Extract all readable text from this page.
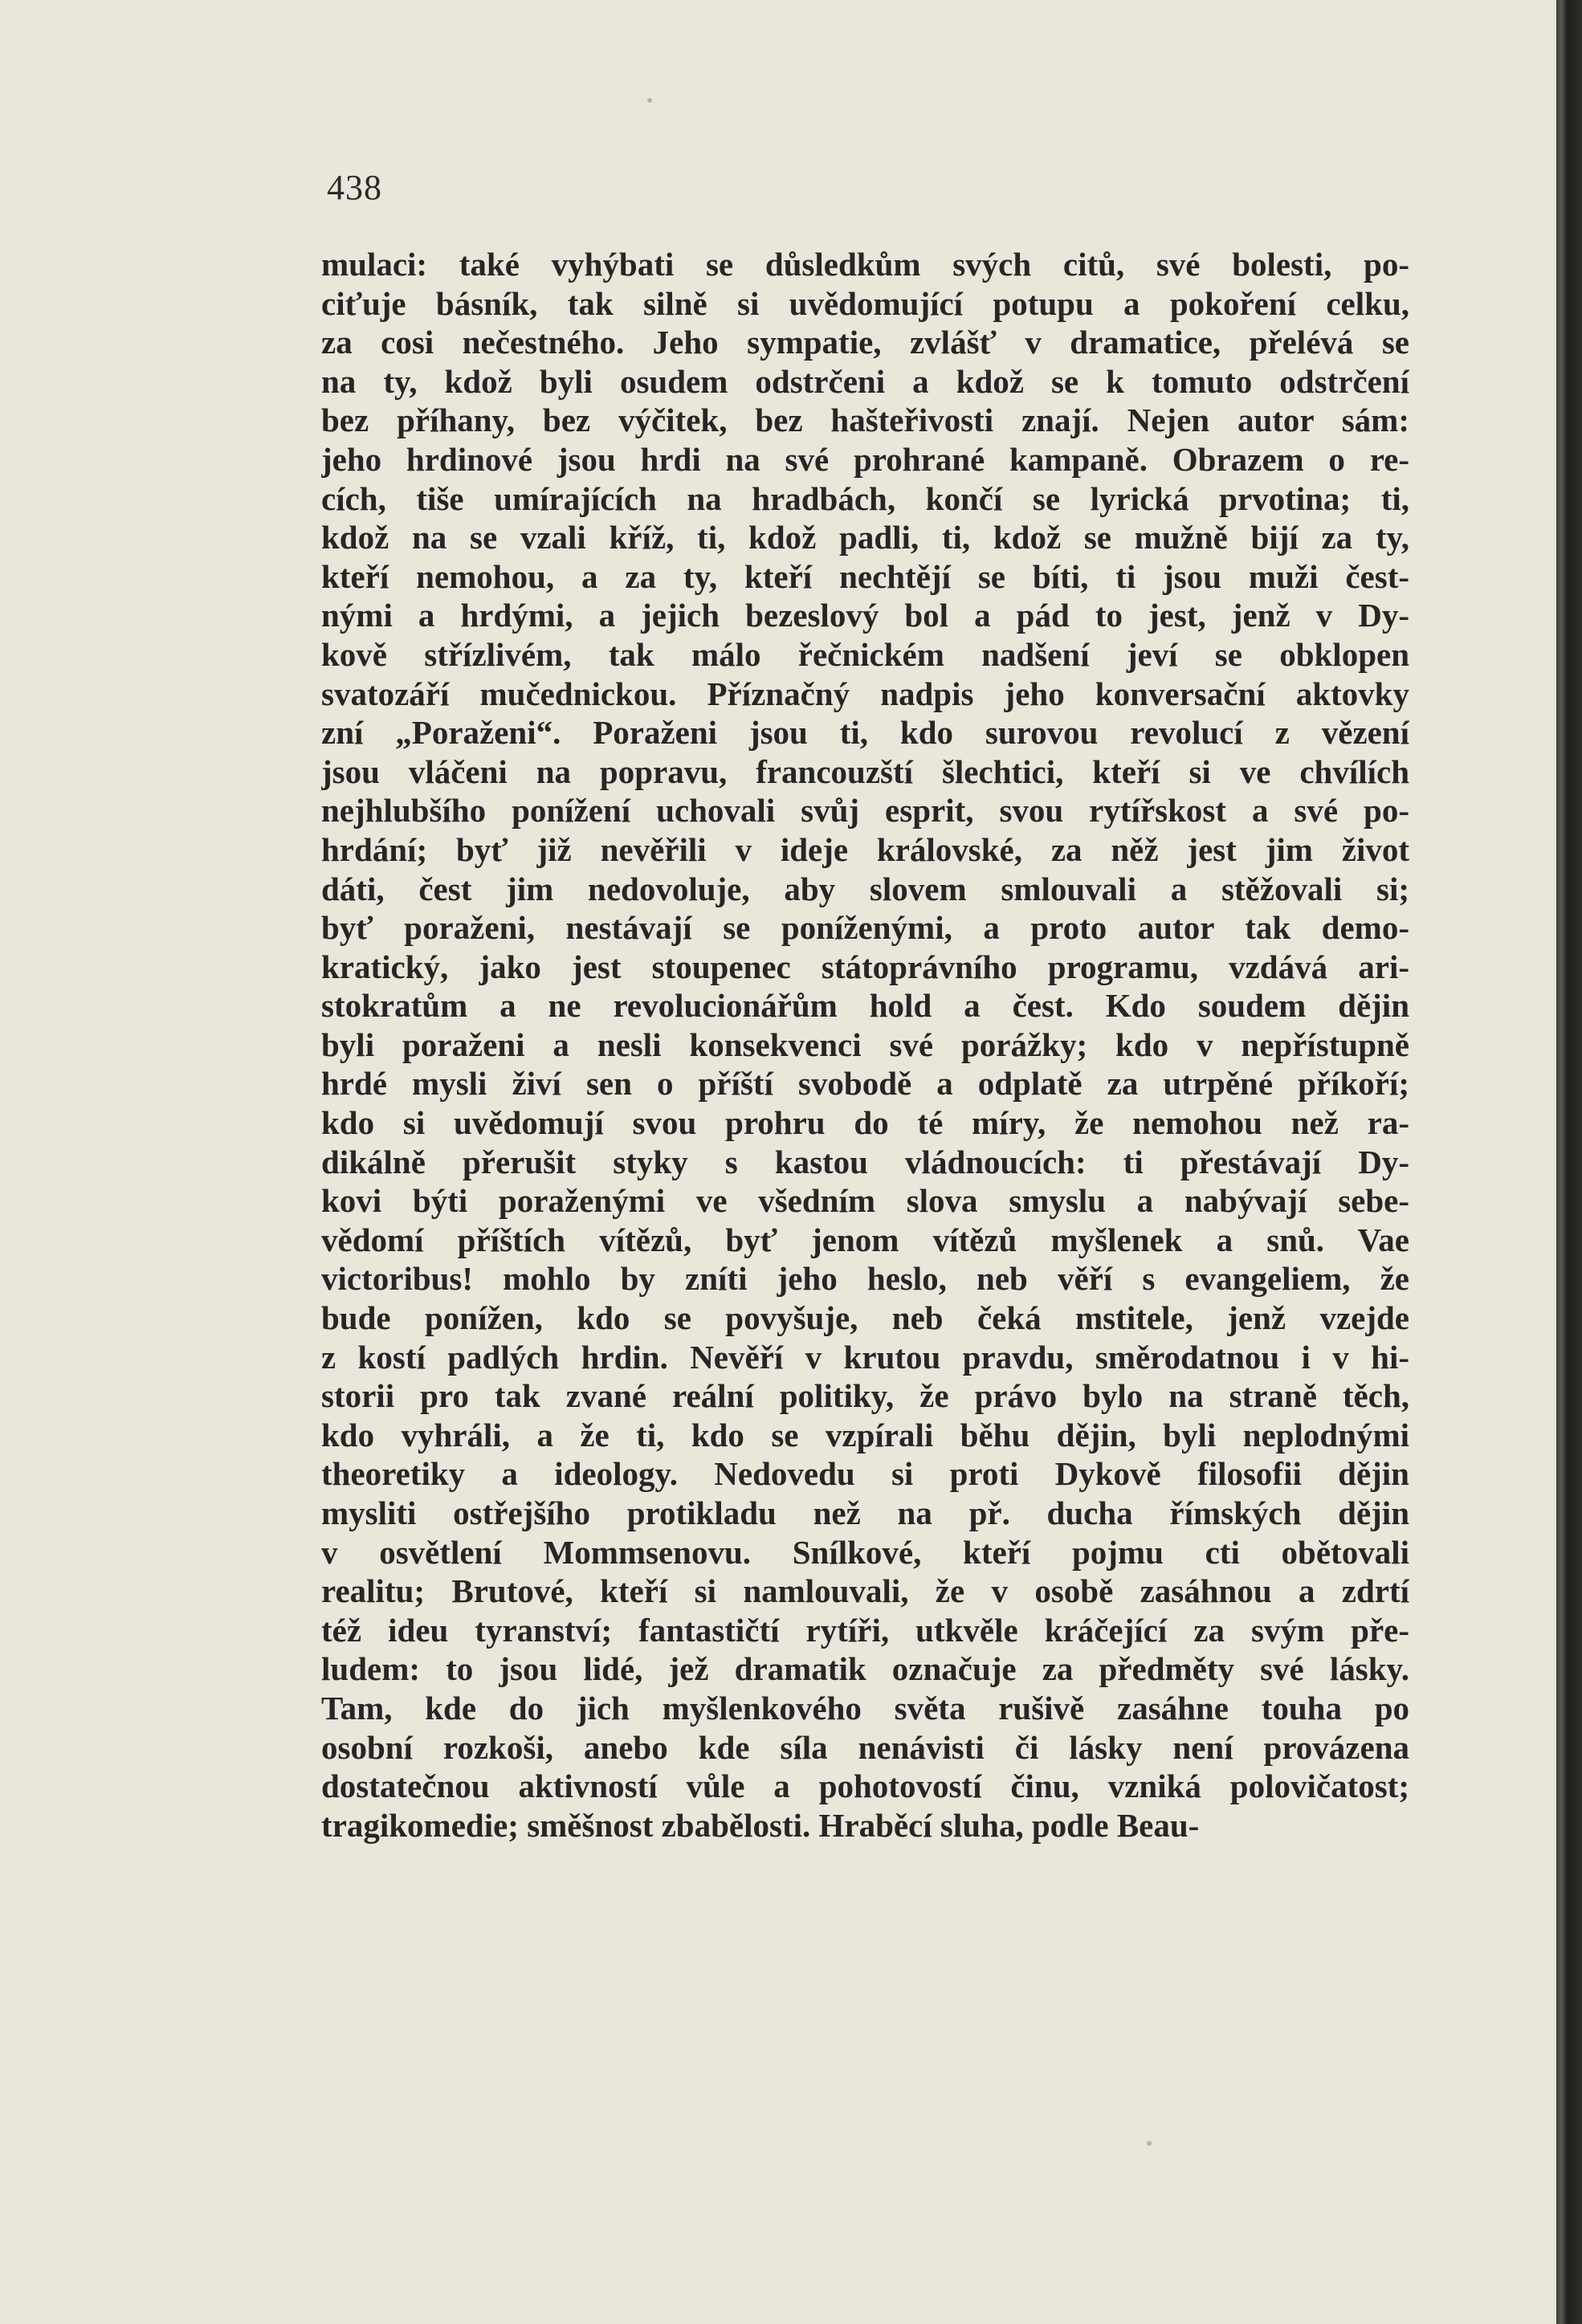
438
mulaci: také vyhýbati se důsledkům svých citů, své bolesti, po-
ciťuje básník, tak silně si uvědomující potupu a pokoření celku,
za cosi nečestného. Jeho sympatie, zvlášť v dramatice, přelévá se
na ty, kdož byli osudem odstrčeni a kdož se k tomuto odstrčení
bez příhany, bez výčitek, bez hašteřivosti znají. Nejen autor sám:
jeho hrdinové jsou hrdi na své prohrané kampaně. Obrazem o re-
cích, tiše umírajících na hradbách, končí se lyrická prvotina; ti,
kdož na se vzali kříž, ti, kdož padli, ti, kdož se mužně bijí za ty,
kteří nemohou, a za ty, kteří nechtějí se bíti, ti jsou muži čest-
nými a hrdými, a jejich bezeslový bol a pád to jest, jenž v Dy-
kově střízlivém, tak málo řečnickém nadšení jeví se obklopen
svatozáří mučednickou. Příznačný nadpis jeho konversační aktovky
zní „Poraženi“. Poraženi jsou ti, kdo surovou revolucí z vězení
jsou vláčeni na popravu, francouzští šlechtici, kteří si ve chvílích
nejhlubšího ponížení uchovali svůj esprit, svou rytířskost a své po-
hrdání; byť již nevěřili v ideje královské, za něž jest jim život
dáti, čest jim nedovoluje, aby slovem smlouvali a stěžovali si;
byť poraženi, nestávají se poníženými, a proto autor tak demo-
kratický, jako jest stoupenec státoprávního programu, vzdává ari-
stokratům a ne revolucionářům hold a čest. Kdo soudem dějin
byli poraženi a nesli konsekvenci své porážky; kdo v nepřístupně
hrdé mysli živí sen o příští svobodě a odplatě za utrpěné příkoří;
kdo si uvědomují svou prohru do té míry, že nemohou než ra-
dikálně přerušit styky s kastou vládnoucích: ti přestávají Dy-
kovi býti poraženými ve všedním slova smyslu a nabývají sebe-
vědomí příštích vítězů, byť jenom vítězů myšlenek a snů. Vae
victoribus! mohlo by zníti jeho heslo, neb věří s evangeliem, že
bude ponížen, kdo se povyšuje, neb čeká mstitele, jenž vzejde
z kostí padlých hrdin. Nevěří v krutou pravdu, směrodatnou i v hi-
storii pro tak zvané reální politiky, že právo bylo na straně těch,
kdo vyhráli, a že ti, kdo se vzpírali běhu dějin, byli neplodnými
theoretiky a ideology. Nedovedu si proti Dykově filosofii dějin
mysliti ostřejšího protikladu než na př. ducha římských dějin
v osvětlení Mommsenovu. Snílkové, kteří pojmu cti obětovali
realitu; Brutové, kteří si namlouvali, že v osobě zasáhnou a zdrtí
též ideu tyranství; fantastičtí rytíři, utkvěle kráčející za svým pře-
ludem: to jsou lidé, jež dramatik označuje za předměty své lásky.
Tam, kde do jich myšlenkového světa rušivě zasáhne touha po
osobní rozkoši, anebo kde síla nenávisti či lásky není provázena
dostatečnou aktivností vůle a pohotovostí činu, vzniká polovičatost;
tragikomedie; směšnost zbabělosti. Hraběcí sluha, podle Beau-
